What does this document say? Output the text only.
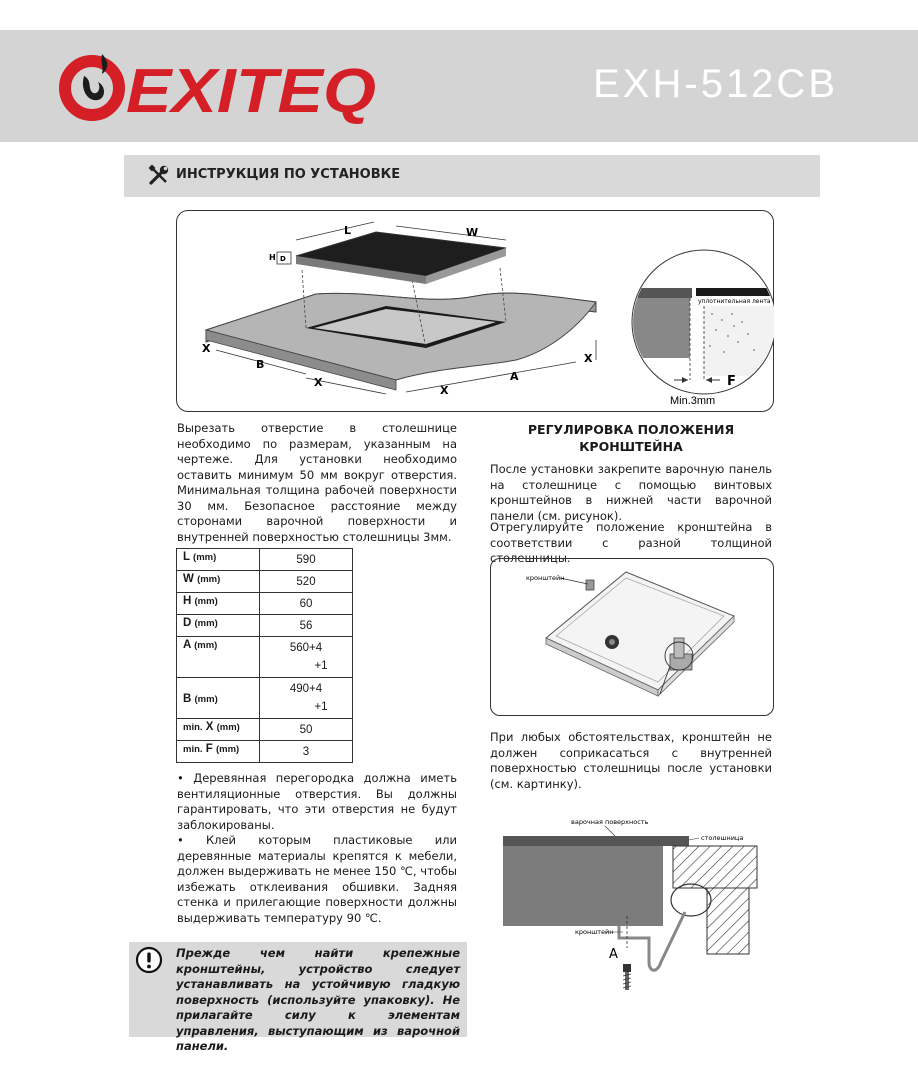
EXITEQ	EXH-512CB
ИНСТРУКЦИЯ ПО УСТАНОВКЕ
L	W
H D
X
B
X
X
A
X
уплотнительная лента
F
Min.3mm
Вырезать отверстие в столешнице необходимо по размерам, указанным на чертеже. Для установки необходимо оставить минимум 50 мм вокруг отверстия. Минимальная толщина рабочей поверхности 30 мм. Безопасное расстояние между сторонами варочной поверхности и внутренней поверхностью столешницы 3мм.
L (mm)	590
W (mm)	520
H (mm)	60
D (mm)	56
A (mm)	560+4
+1

B (mm)	490+4
+1

min. X (mm)	50
min. F (mm)	3
• Деревянная перегородка должна иметь вентиляционные отверстия. Вы должны гарантировать, что эти отверстия не будут заблокированы.
• Клей которым пластиковые или деревянные материалы крепятся к мебели, должен выдерживать не менее 150 ℃, чтобы избежать отклеивания обшивки. Задняя стенка и прилегающие поверхности должны выдерживать температуру 90 ℃.
Прежде чем найти крепежные кронштейны, устройство следует устанавливать на устойчивую гладкую поверхность (используйте упаковку). Не прилагайте силу к элементам управления, выступающим из варочной панели.
РЕГУЛИРОВКА ПОЛОЖЕНИЯ
КРОНШТЕЙНА
После установки закрепите варочную панель на столешнице с помощью винтовых кронштейнов в нижней части варочной панели (см. рисунок).
Отрегулируйте положение кронштейна в соответствии с разной толщиной столешницы.
кронштейн
При любых обстоятельствах, кронштейн не должен соприкасаться с внутренней поверхностью столешницы после установки (см. картинку).
варочная поверхность
столешница
кронштейн
A
